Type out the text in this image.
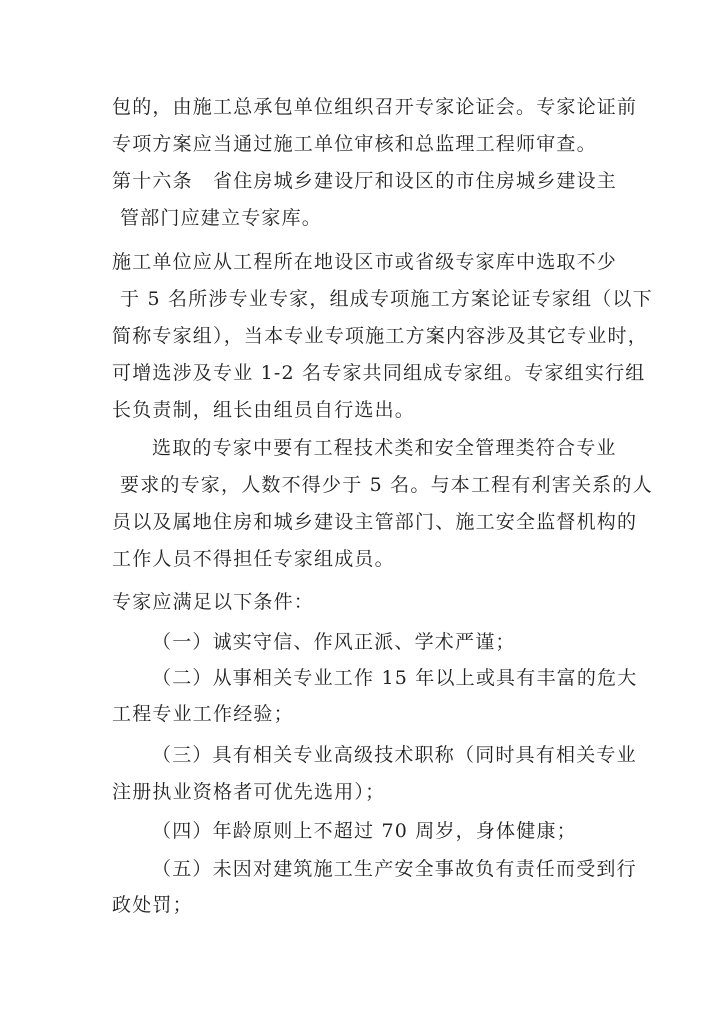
包的，由施工总承包单位组织召开专家论证会。专家论证前
专项方案应当通过施工单位审核和总监理工程师审查。
第十六条　省住房城乡建设厅和设区的市住房城乡建设主
管部门应建立专家库。
施工单位应从工程所在地设区市或省级专家库中选取不少
于 5 名所涉专业专家，组成专项施工方案论证专家组（以下
简称专家组），当本专业专项施工方案内容涉及其它专业时，
可增选涉及专业 1-2 名专家共同组成专家组。专家组实行组
长负责制，组长由组员自行选出。
选取的专家中要有工程技术类和安全管理类符合专业
要求的专家，人数不得少于 5 名。与本工程有利害关系的人
员以及属地住房和城乡建设主管部门、施工安全监督机构的
工作人员不得担任专家组成员。
专家应满足以下条件：
（一）诚实守信、作风正派、学术严谨；
（二）从事相关专业工作 15 年以上或具有丰富的危大
工程专业工作经验；
（三）具有相关专业高级技术职称（同时具有相关专业
注册执业资格者可优先选用）；
（四）年龄原则上不超过 70 周岁，身体健康；
（五）未因对建筑施工生产安全事故负有责任而受到行
政处罚；
